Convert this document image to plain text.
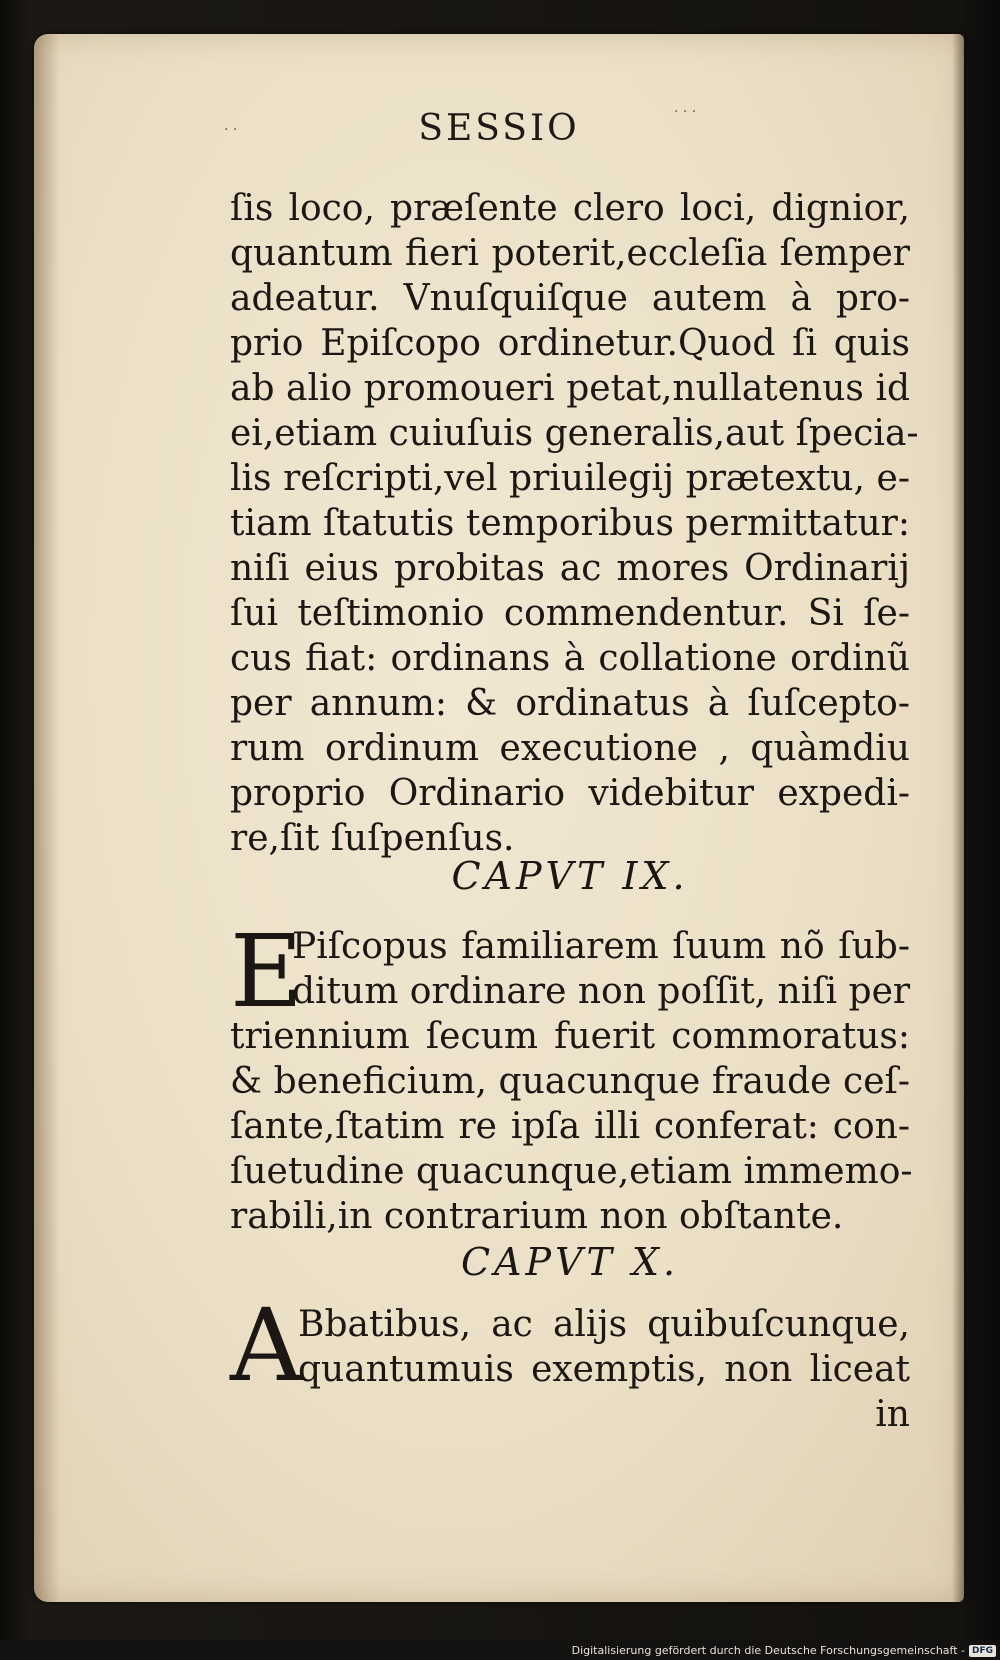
· ·
· · ·
SESSIO
ſis loco, præſente clero loci, dignior,
quantum fieri poterit,eccleſia ſemper
adeatur. Vnuſquiſque autem à pro-
prio Epiſcopo ordinetur.Quod ſi quis
ab alio promoueri petat,nullatenus id
ei,etiam cuiuſuis generalis,aut ſpecia-
lis reſcripti,vel priuilegij prætextu, e-
tiam ſtatutis temporibus permittatur:
niſi eius probitas ac mores Ordinarij
ſui teſtimonio commendentur. Si ſe-
cus fiat: ordinans à collatione ordinũ
per annum: & ordinatus à ſuſcepto-
rum ordinum executione , quàmdiu
proprio Ordinario videbitur expedi-
re,ſit ſuſpenſus.
CAPVT IX.
E
Piſcopus familiarem ſuum nõ ſub-
ditum ordinare non poſſit, niſi per
triennium ſecum fuerit commoratus:
& beneficium, quacunque fraude ceſ-
ſante,ſtatim re ipſa illi conferat: con-
ſuetudine quacunque,etiam immemo-
rabili,in contrarium non obſtante.
CAPVT X.
A
Bbatibus, ac alijs quibuſcunque,
quantumuis exemptis, non liceat
in
Digitalisierung gefördert durch die Deutsche Forschungsgemeinschaft - DFG
